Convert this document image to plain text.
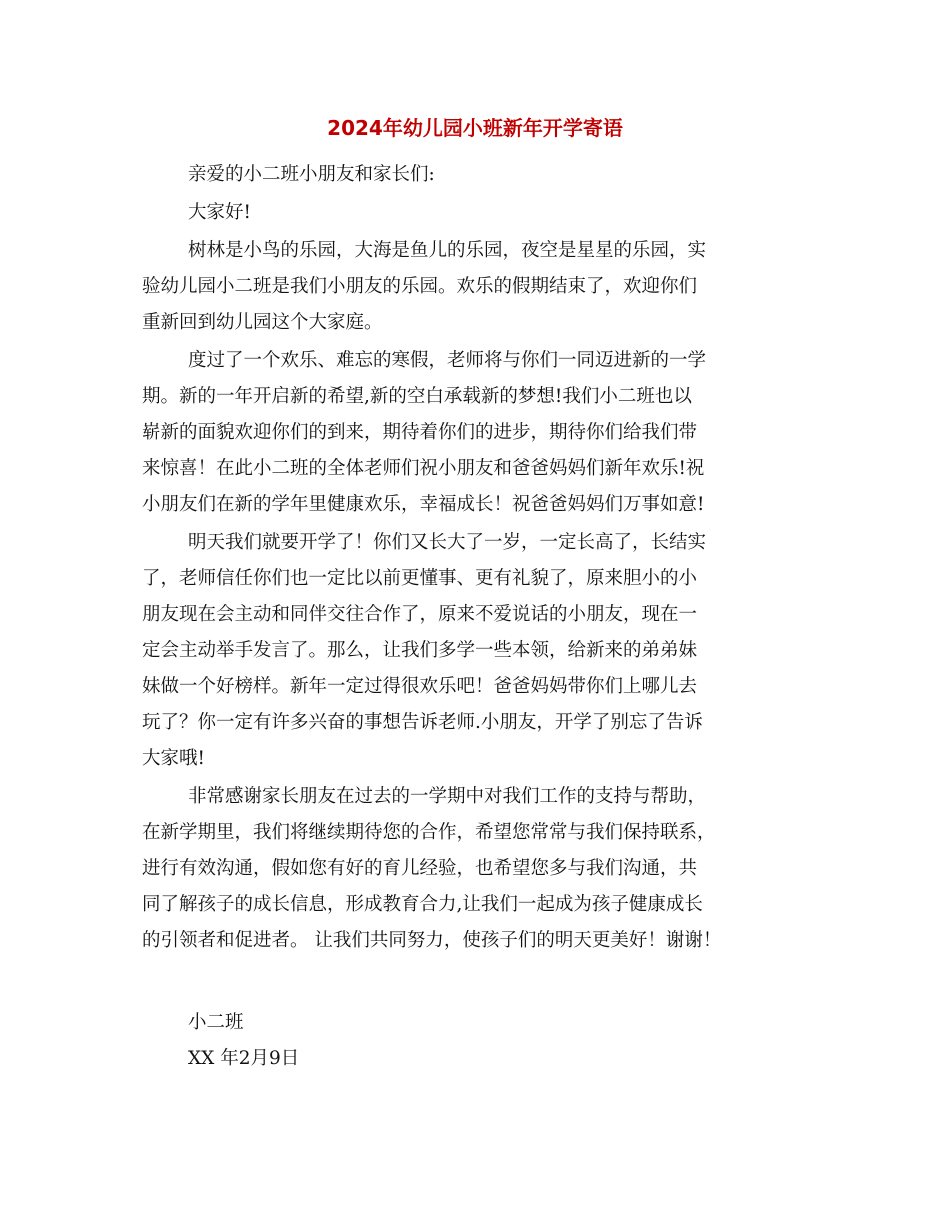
2024年幼儿园小班新年开学寄语
亲爱的小二班小朋友和家长们:
大家好!
树林是小鸟的乐园，大海是鱼儿的乐园，夜空是星星的乐园，实
验幼儿园小二班是我们小朋友的乐园。欢乐的假期结束了，欢迎你们
重新回到幼儿园这个大家庭。
度过了一个欢乐、难忘的寒假，老师将与你们一同迈进新的一学
期。新的一年开启新的希望,新的空白承载新的梦想!我们小二班也以
崭新的面貌欢迎你们的到来，期待着你们的进步，期待你们给我们带
来惊喜！在此小二班的全体老师们祝小朋友和爸爸妈妈们新年欢乐!祝
小朋友们在新的学年里健康欢乐，幸福成长！祝爸爸妈妈们万事如意!
明天我们就要开学了！你们又长大了一岁，一定长高了，长结实
了，老师信任你们也一定比以前更懂事、更有礼貌了，原来胆小的小
朋友现在会主动和同伴交往合作了，原来不爱说话的小朋友，现在一
定会主动举手发言了。那么，让我们多学一些本领，给新来的弟弟妹
妹做一个好榜样。新年一定过得很欢乐吧！爸爸妈妈带你们上哪儿去
玩了？你一定有许多兴奋的事想告诉老师.小朋友，开学了别忘了告诉
大家哦!
非常感谢家长朋友在过去的一学期中对我们工作的支持与帮助，
在新学期里，我们将继续期待您的合作，希望您常常与我们保持联系，
进行有效沟通，假如您有好的育儿经验，也希望您多与我们沟通，共
同了解孩子的成长信息，形成教育合力,让我们一起成为孩子健康成长
的引领者和促进者。 让我们共同努力，使孩子们的明天更美好！谢谢！
小二班
XX 年2月9日
